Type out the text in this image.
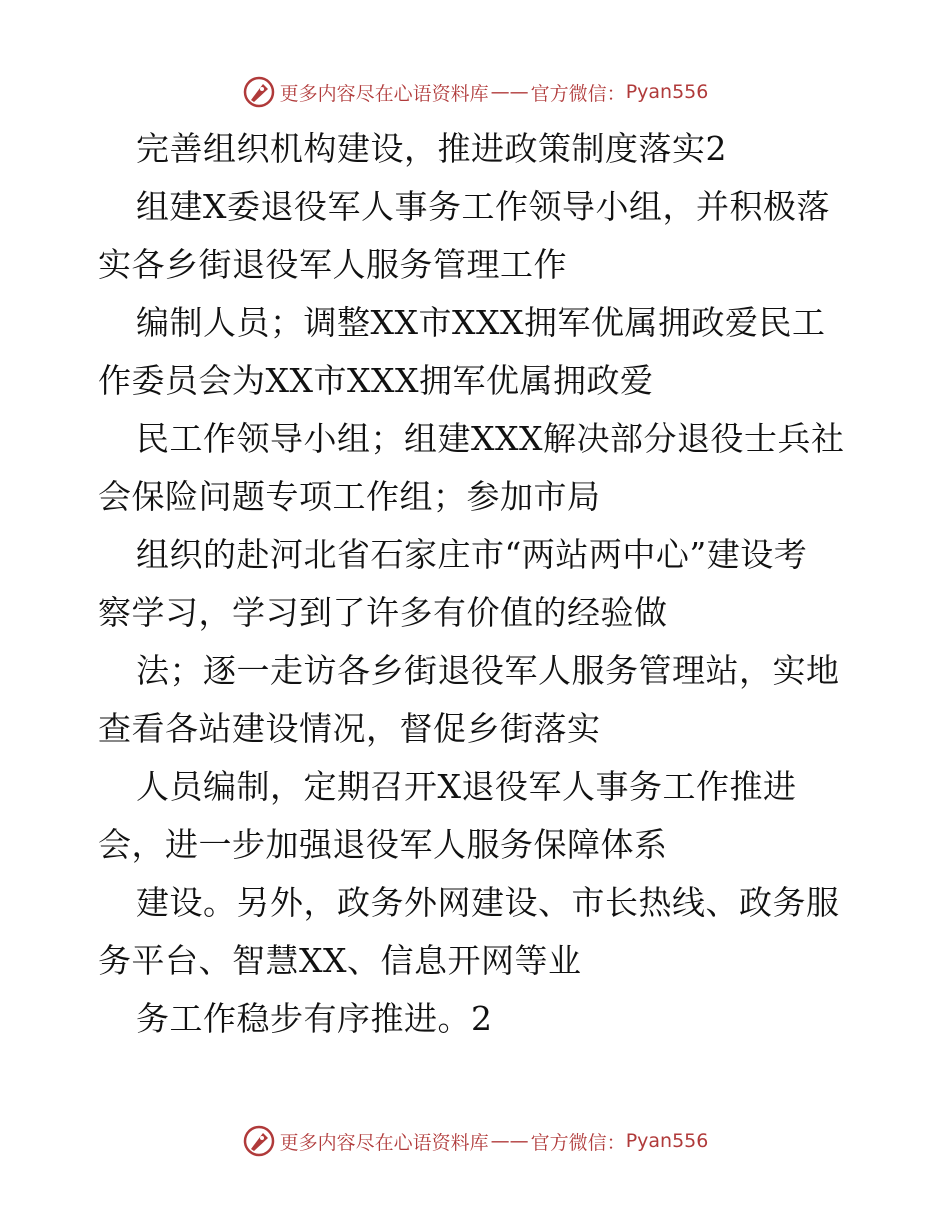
更多内容尽在心语资料库 —— 官方微信： Pyan556

完善组织机构建设，推进政策制度落实2

组建X委退役军人事务工作领导小组，并积极落
实各乡街退役军人服务管理工作

编制人员；调整XX市XXX拥军优属拥政爱民工
作委员会为XX市XXX拥军优属拥政爱

民工作领导小组；组建XXX解决部分退役士兵社
会保险问题专项工作组；参加市局

组织的赴河北省石家庄市“两站两中心”建设考
察学习，学习到了许多有价值的经验做

法；逐一走访各乡街退役军人服务管理站，实地
查看各站建设情况，督促乡街落实

人员编制，定期召开X退役军人事务工作推进
会，进一步加强退役军人服务保障体系

建设。另外，政务外网建设、市长热线、政务服
务平台、智慧XX、信息开网等业

务工作稳步有序推进。2

更多内容尽在心语资料库 —— 官方微信： Pyan556
